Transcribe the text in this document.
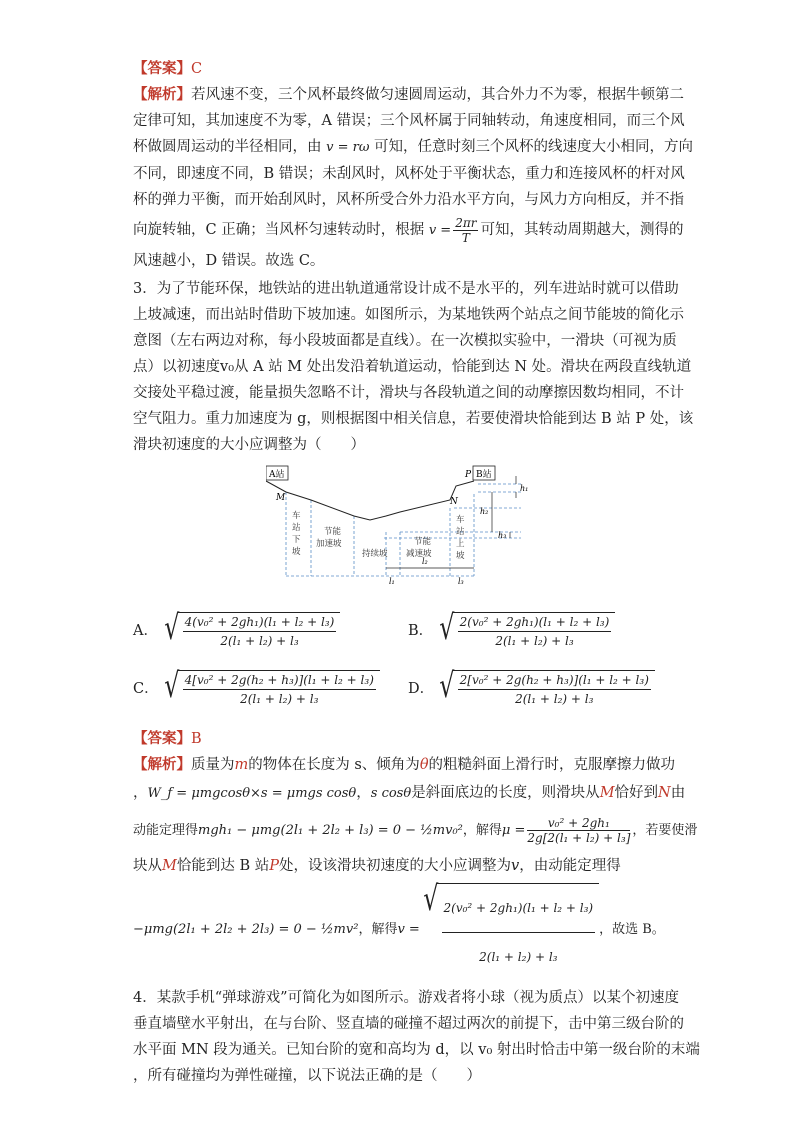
【答案】C
【解析】若风速不变，三个风杯最终做匀速圆周运动，其合外力不为零，根据牛顿第二
定律可知，其加速度不为零，A 错误；三个风杯属于同轴转动，角速度相同，而三个风
杯做圆周运动的半径相同，由 v = rω 可知，任意时刻三个风杯的线速度大小相同，方向
不同，即速度不同，B 错误；未刮风时，风杯处于平衡状态，重力和连接风杯的杆对风
杯的弹力平衡，而开始刮风时，风杯所受合外力沿水平方向，与风力方向相反，并不指
向旋转轴，C 正确；当风杯匀速转动时，根据 $v = \frac{2\pi r}{T}$ 可知，其转动周期越大，测得的
风速越小，D 错误。故选 C。
3．为了节能环保，地铁站的进出轨道通常设计成不是水平的，列车进站时就可以借助
上坡减速，而出站时借助下坡加速。如图所示，为某地铁两个站点之间节能坡的简化示
意图（左右两边对称，每小段坡面都是直线）。在一次模拟实验中，一滑块（可视为质
点）以初速度v₀从 A 站 M 处出发沿着轨道运动，恰能到达 N 处。滑块在两段直线轨道
交接处平稳过渡，能量损失忽略不计，滑块与各段轨道之间的动摩擦因数均相同，不计
空气阻力。重力加速度为 g，则根据图中相关信息，若要使滑块恰能到达 B 站 P 处，该
滑块初速度的大小应调整为（　　）
A站	B站
M	N
P
车
站
下
坡
节能
加速坡
持续坡
节能
减速坡
车
站
上
坡
h₁
h₂
h₃
l₁
l₂
l₃
A． √ 4(v₀² + 2gh₁)(l₁ + l₂ + l₃)
2(l₁ + l₂) + l₃
B． √ 2(v₀² + 2gh₁)(l₁ + l₂ + l₃)
2(l₁ + l₂) + l₃
C． √ 4[v₀² + 2g(h₂ + h₃)](l₁ + l₂ + l₃)
2(l₁ + l₂) + l₃
D． √ 2[v₀² + 2g(h₂ + h₃)](l₁ + l₂ + l₃)
2(l₁ + l₂) + l₃
【答案】B
【解析】质量为m的物体在长度为 s、倾角为θ的粗糙斜面上滑行时，克服摩擦力做功
，W_f = μmgcosθ×s = μmgs cosθ，s cosθ是斜面底边的长度，则滑块从M恰好到N由
动能定理得mgh₁ − μmg(2l₁ + 2l₂ + l₃) = 0 − ½mv₀²，解得$\mu = \frac{\text{v₀² + 2gh₁}}{\text{2g[2(l₁ + l₂) + l₃]}}$ ，若要使滑
块从M恰能到达 B 站P处，设该滑块初速度的大小应调整为v，由动能定理得
−μmg(2l₁ + 2l₂ + 2l₃) = 0 − ½mv² ，解得 v =
√ 2(v₀² + 2gh₁)(l₁ + l₂ + l₃)
2(l₁ + l₂) + l₃
，故选 B。
4．某款手机“弹球游戏”可简化为如图所示。游戏者将小球（视为质点）以某个初速度
垂直墙壁水平射出，在与台阶、竖直墙的碰撞不超过两次的前提下，击中第三级台阶的
水平面 MN 段为通关。已知台阶的宽和高均为 d，以 v₀ 射出时恰击中第一级台阶的末端
，所有碰撞均为弹性碰撞，以下说法正确的是（　　）
